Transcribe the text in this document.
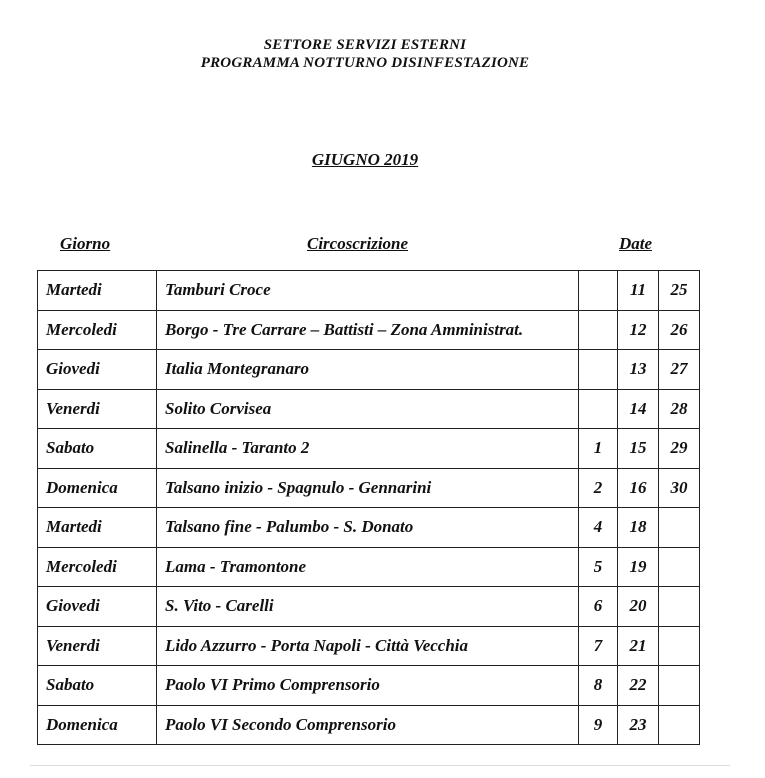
SETTORE SERVIZI ESTERNI
PROGRAMMA NOTTURNO DISINFESTAZIONE
GIUGNO 2019
Giorno	Circoscrizione	Date
Martedi	Tamburi Croce		11	25
Mercoledi	Borgo - Tre Carrare – Battisti – Zona Amministrat.		12	26
Giovedi	Italia Montegranaro		13	27
Venerdi	Solito Corvisea		14	28
Sabato	Salinella - Taranto 2	1	15	29
Domenica	Talsano inizio - Spagnulo - Gennarini	2	16	30
Martedi	Talsano fine - Palumbo - S. Donato	4	18	
Mercoledi	Lama - Tramontone	5	19	
Giovedi	S. Vito - Carelli	6	20	
Venerdi	Lido Azzurro - Porta Napoli - Città Vecchia	7	21	
Sabato	Paolo VI Primo Comprensorio	8	22	
Domenica	Paolo VI Secondo Comprensorio	9	23	
